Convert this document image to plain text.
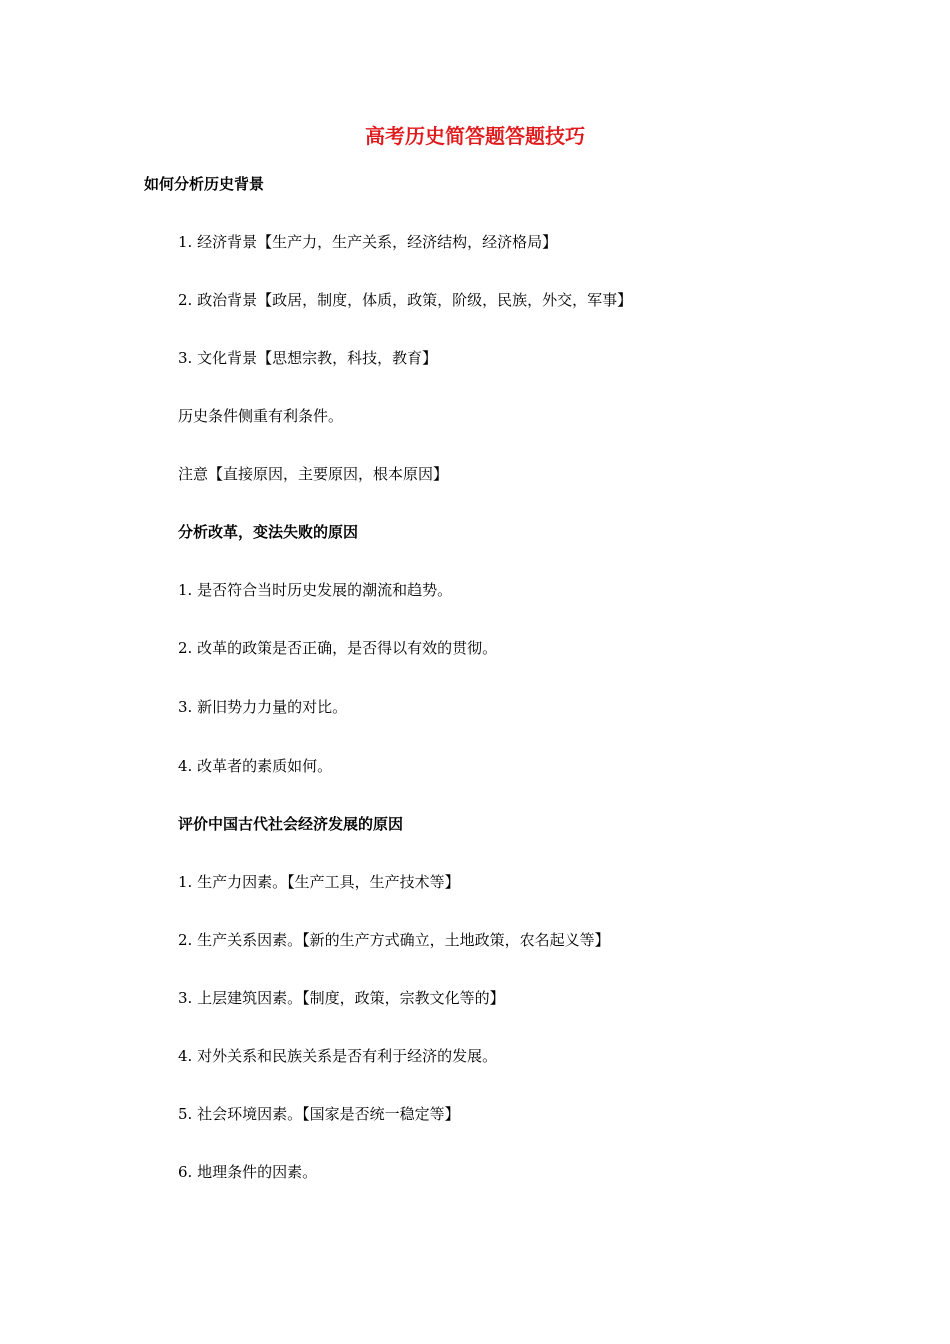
高考历史简答题答题技巧
如何分析历史背景
1. 经济背景【生产力，生产关系，经济结构，经济格局】
2. 政治背景【政居，制度，体质，政策，阶级，民族，外交，军事】
3. 文化背景【思想宗教，科技，教育】
历史条件侧重有利条件。
注意【直接原因，主要原因，根本原因】
分析改革，变法失败的原因
1. 是否符合当时历史发展的潮流和趋势。
2. 改革的政策是否正确，是否得以有效的贯彻。
3. 新旧势力力量的对比。
4. 改革者的素质如何。
评价中国古代社会经济发展的原因
1. 生产力因素。【生产工具，生产技术等】
2. 生产关系因素。【新的生产方式确立，土地政策，农名起义等】
3. 上层建筑因素。【制度，政策，宗教文化等的】
4. 对外关系和民族关系是否有利于经济的发展。
5. 社会环境因素。【国家是否统一稳定等】
6. 地理条件的因素。
